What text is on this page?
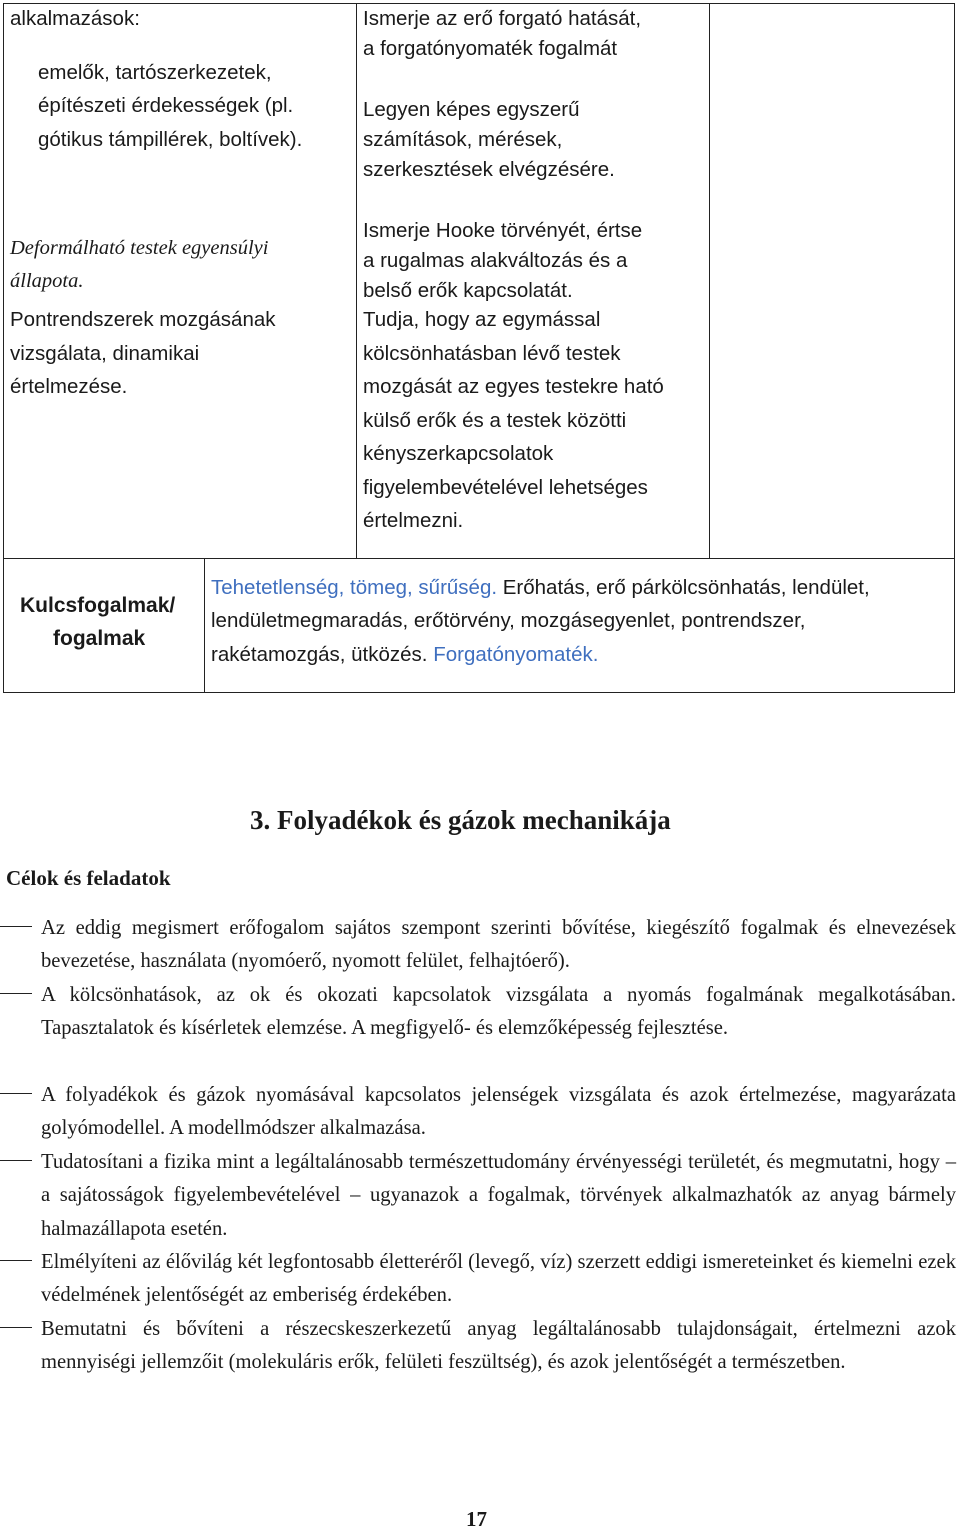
alkalmazások:
emelők, tartószerkezetek,
építészeti érdekességek (pl.
gótikus támpillérek, boltívek).
Deformálható testek egyensúlyi
állapota.
Pontrendszerek mozgásának
vizsgálata, dinamikai
értelmezése.
Ismerje az erő forgató hatását,
a forgatónyomaték fogalmát
Legyen képes egyszerű
számítások, mérések,
szerkesztések elvégzésére.
Ismerje Hooke törvényét, értse
a rugalmas alakváltozás és a
belső erők kapcsolatát.
Tudja, hogy az egymással
kölcsönhatásban lévő testek
mozgását az egyes testekre ható
külső erők és a testek közötti
kényszerkapcsolatok
figyelembevételével lehetséges
értelmezni.
Kulcsfogalmak/
fogalmak
Tehetetlenség, tömeg, sűrűség. Erőhatás, erő párkölcsönhatás, lendület,
lendületmegmaradás, erőtörvény, mozgásegyenlet, pontrendszer,
rakétamozgás, ütközés. Forgatónyomaték.
3. Folyadékok és gázok mechanikája
Célok és feladatok
Az eddig megismert erőfogalom sajátos szempont szerinti bővítése, kiegészítő fogalmak és elnevezések bevezetése, használata (nyomóerő, nyomott felület, felhajtóerő).
A kölcsönhatások, az ok és okozati kapcsolatok vizsgálata a nyomás fogalmának megalkotásában. Tapasztalatok és kísérletek elemzése. A megfigyelő- és elemzőképesség fejlesztése.
A folyadékok és gázok nyomásával kapcsolatos jelenségek vizsgálata és azok értelmezése, magyarázata golyómodellel. A modellmódszer alkalmazása.
Tudatosítani a fizika mint a legáltalánosabb természettudomány érvényességi területét, és megmutatni, hogy – a sajátosságok figyelembevételével – ugyanazok a fogalmak, törvények alkalmazhatók az anyag bármely halmazállapota esetén.
Elmélyíteni az élővilág két legfontosabb életteréről (levegő, víz) szerzett eddigi ismereteinket és kiemelni ezek védelmének jelentőségét az emberiség érdekében.
Bemutatni és bővíteni a részecskeszerkezetű anyag legáltalánosabb tulajdonságait, értelmezni azok mennyiségi jellemzőit (molekuláris erők, felületi feszültség), és azok jelentőségét a természetben.
17
